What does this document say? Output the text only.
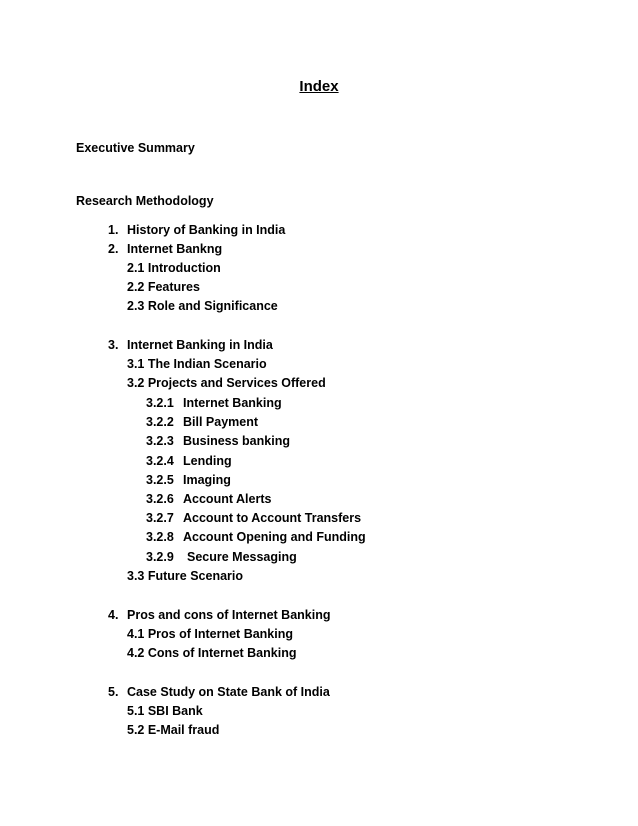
Index
Executive Summary
Research Methodology
1. History of Banking in India
2. Internet Bankng
2.1 Introduction
2.2 Features
2.3 Role and Significance
3. Internet Banking in India
3.1 The Indian Scenario
3.2 Projects and Services Offered
3.2.1 Internet Banking
3.2.2 Bill Payment
3.2.3 Business banking
3.2.4 Lending
3.2.5 Imaging
3.2.6 Account Alerts
3.2.7 Account to Account Transfers
3.2.8 Account Opening and Funding
3.2.9 Secure Messaging
3.3 Future Scenario
4. Pros and cons of Internet Banking
4.1 Pros of Internet Banking
4.2 Cons of Internet Banking
5. Case Study on State Bank of India
5.1 SBI Bank
5.2 E-Mail fraud
